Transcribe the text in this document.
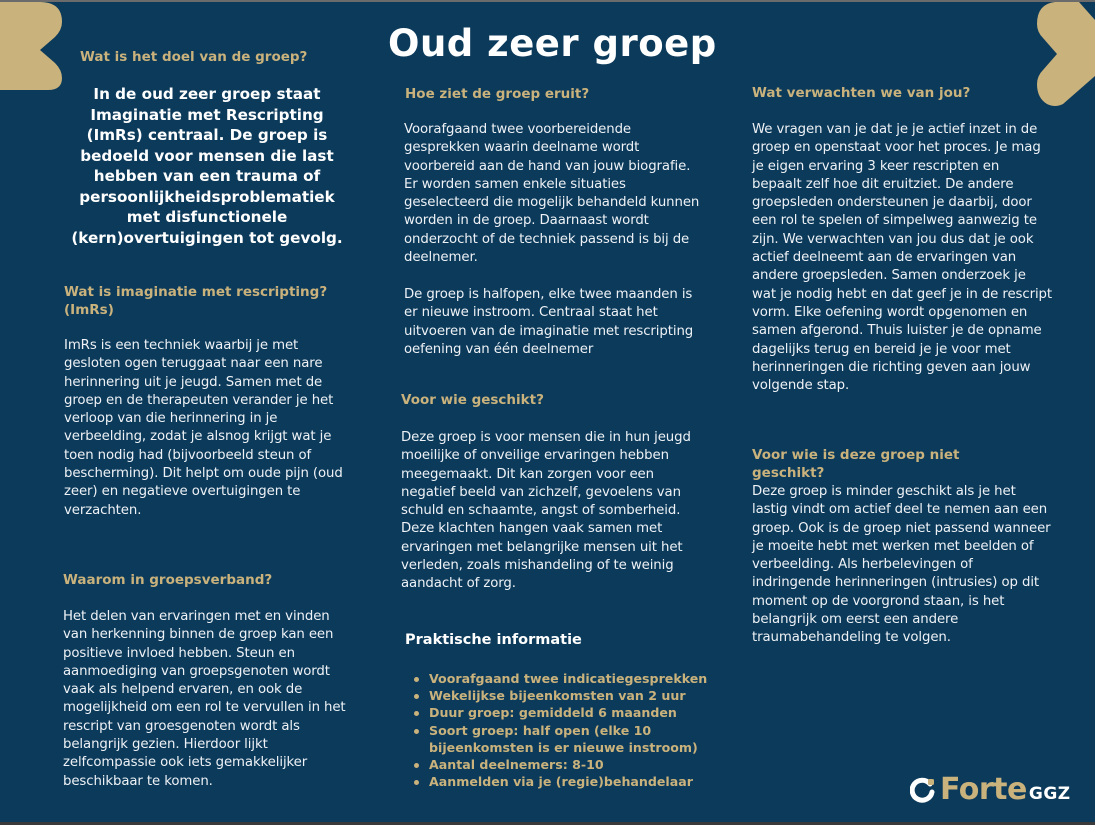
Oud zeer groep
Wat is het doel van de groep?
In de oud zeer groep staat Imaginatie met Rescripting (ImRs) centraal. De groep is bedoeld voor mensen die last hebben van een trauma of persoonlijkheidsproblematiek met disfunctionele (kern)overtuigingen tot gevolg.
Wat is imaginatie met rescripting? (ImRs)
ImRs is een techniek waarbij je met gesloten ogen teruggaat naar een nare herinnering uit je jeugd. Samen met de groep en de therapeuten verander je het verloop van die herinnering in je verbeelding, zodat je alsnog krijgt wat je toen nodig had (bijvoorbeeld steun of bescherming). Dit helpt om oude pijn (oud zeer) en negatieve overtuigingen te verzachten.
Waarom in groepsverband?
Het delen van ervaringen met en vinden van herkenning binnen de groep kan een positieve invloed hebben. Steun en aanmoediging van groepsgenoten wordt vaak als helpend ervaren, en ook de mogelijkheid om een rol te vervullen in het rescript van groesgenoten wordt als belangrijk gezien. Hierdoor lijkt zelfcompassie ook iets gemakkelijker beschikbaar te komen.
Hoe ziet de groep eruit?
Voorafgaand twee voorbereidende gesprekken waarin deelname wordt voorbereid aan de hand van jouw biografie. Er worden samen enkele situaties geselecteerd die mogelijk behandeld kunnen worden in de groep. Daarnaast wordt onderzocht of de techniek passend is bij de deelnemer.
De groep is halfopen, elke twee maanden is er nieuwe instroom. Centraal staat het uitvoeren van de imaginatie met rescripting oefening van één deelnemer
Voor wie geschikt?
Deze groep is voor mensen die in hun jeugd moeilijke of onveilige ervaringen hebben meegemaakt. Dit kan zorgen voor een negatief beeld van zichzelf, gevoelens van schuld en schaamte, angst of somberheid. Deze klachten hangen vaak samen met ervaringen met belangrijke mensen uit het verleden, zoals mishandeling of te weinig aandacht of zorg.
Praktische informatie
Voorafgaand twee indicatiegesprekken
Wekelijkse bijeenkomsten van 2 uur
Duur groep: gemiddeld 6 maanden
Soort groep: half open (elke 10 bijeenkomsten is er nieuwe instroom)
Aantal deelnemers: 8-10
Aanmelden via je (regie)behandelaar
Wat verwachten we van jou?
We vragen van je dat je je actief inzet in de groep en openstaat voor het proces. Je mag je eigen ervaring 3 keer rescripten en bepaalt zelf hoe dit eruitziet. De andere groepsleden ondersteunen je daarbij, door een rol te spelen of simpelweg aanwezig te zijn. We verwachten van jou dus dat je ook actief deelneemt aan de ervaringen van andere groepsleden. Samen onderzoek je wat je nodig hebt en dat geef je in de rescript vorm. Elke oefening wordt opgenomen en samen afgerond. Thuis luister je de opname dagelijks terug en bereid je je voor met herinneringen die richting geven aan jouw volgende stap.
Voor wie is deze groep niet geschikt?
Deze groep is minder geschikt als je het lastig vindt om actief deel te nemen aan een groep. Ook is de groep niet passend wanneer je moeite hebt met werken met beelden of verbeelding. Als herbelevingen of indringende herinneringen (intrusies) op dit moment op de voorgrond staan, is het belangrijk om eerst een andere traumabehandeling te volgen.
Forte GGZ
